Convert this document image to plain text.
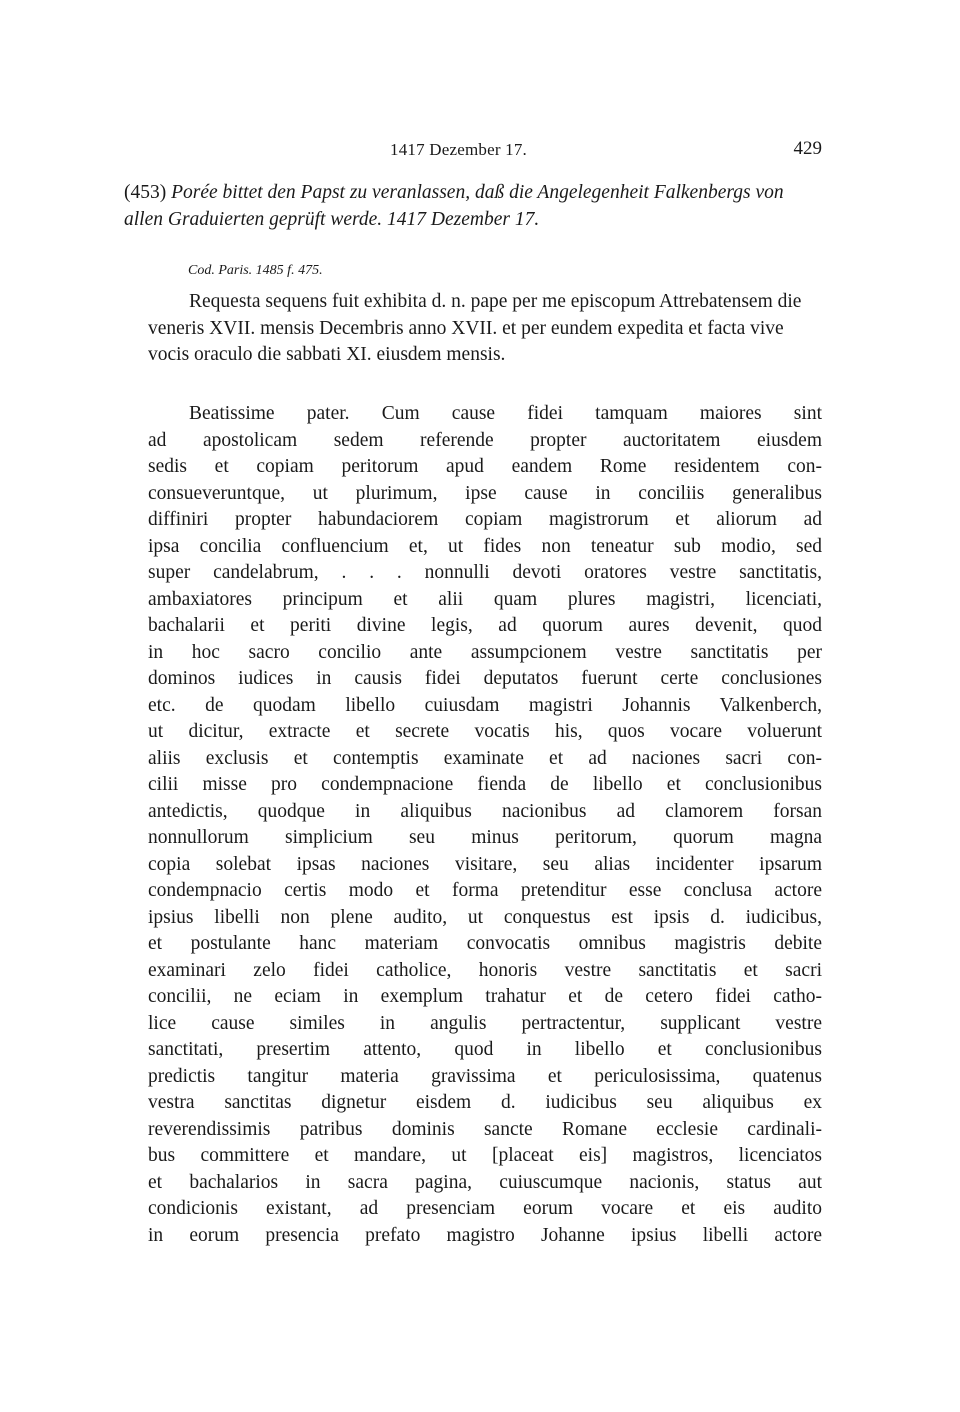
1417 Dezember 17.	429
(453) Porée bittet den Papst zu veranlassen, daß die Angelegenheit Falkenbergs von allen Graduierten geprüft werde. 1417 Dezember 17.
Cod. Paris. 1485 f. 475.
Requesta sequens fuit exhibita d. n. pape per me episcopum Attrebatensem die veneris XVII. mensis Decembris anno XVII. et per eundem expedita et facta vive vocis oraculo die sabbati XI. eiusdem mensis.
Beatissime pater. Cum cause fidei tamquam maiores sint
ad apostolicam sedem referende propter auctoritatem eiusdem
sedis et copiam peritorum apud eandem Rome residentem con-
consueveruntque, ut plurimum, ipse cause in conciliis generalibus
diffiniri propter habundaciorem copiam magistrorum et aliorum ad
ipsa concilia confluencium et, ut fides non teneatur sub modio, sed
super candelabrum, . . . nonnulli devoti oratores vestre sanctitatis,
ambaxiatores principum et alii quam plures magistri, licenciati,
bachalarii et periti divine legis, ad quorum aures devenit, quod
in hoc sacro concilio ante assumpcionem vestre sanctitatis per
dominos iudices in causis fidei deputatos fuerunt certe conclusiones
etc. de quodam libello cuiusdam magistri Johannis Valkenberch,
ut dicitur, extracte et secrete vocatis his, quos vocare voluerunt
aliis exclusis et contemptis examinate et ad naciones sacri con-
cilii misse pro condempnacione fienda de libello et conclusionibus
antedictis, quodque in aliquibus nacionibus ad clamorem forsan
nonnullorum simplicium seu minus peritorum, quorum magna
copia solebat ipsas naciones visitare, seu alias incidenter ipsarum
condempnacio certis modo et forma pretenditur esse conclusa actore
ipsius libelli non plene audito, ut conquestus est ipsis d. iudicibus,
et postulante hanc materiam convocatis omnibus magistris debite
examinari zelo fidei catholice, honoris vestre sanctitatis et sacri
concilii, ne eciam in exemplum trahatur et de cetero fidei catho-
lice cause similes in angulis pertractentur, supplicant vestre
sanctitati, presertim attento, quod in libello et conclusionibus
predictis tangitur materia gravissima et periculosissima, quatenus
vestra sanctitas dignetur eisdem d. iudicibus seu aliquibus ex
reverendissimis patribus dominis sancte Romane ecclesie cardinali-
bus committere et mandare, ut [placeat eis] magistros, licenciatos
et bachalarios in sacra pagina, cuiuscumque nacionis, status aut
condicionis existant, ad presenciam eorum vocare et eis audito
in eorum presencia prefato magistro Johanne ipsius libelli actore
